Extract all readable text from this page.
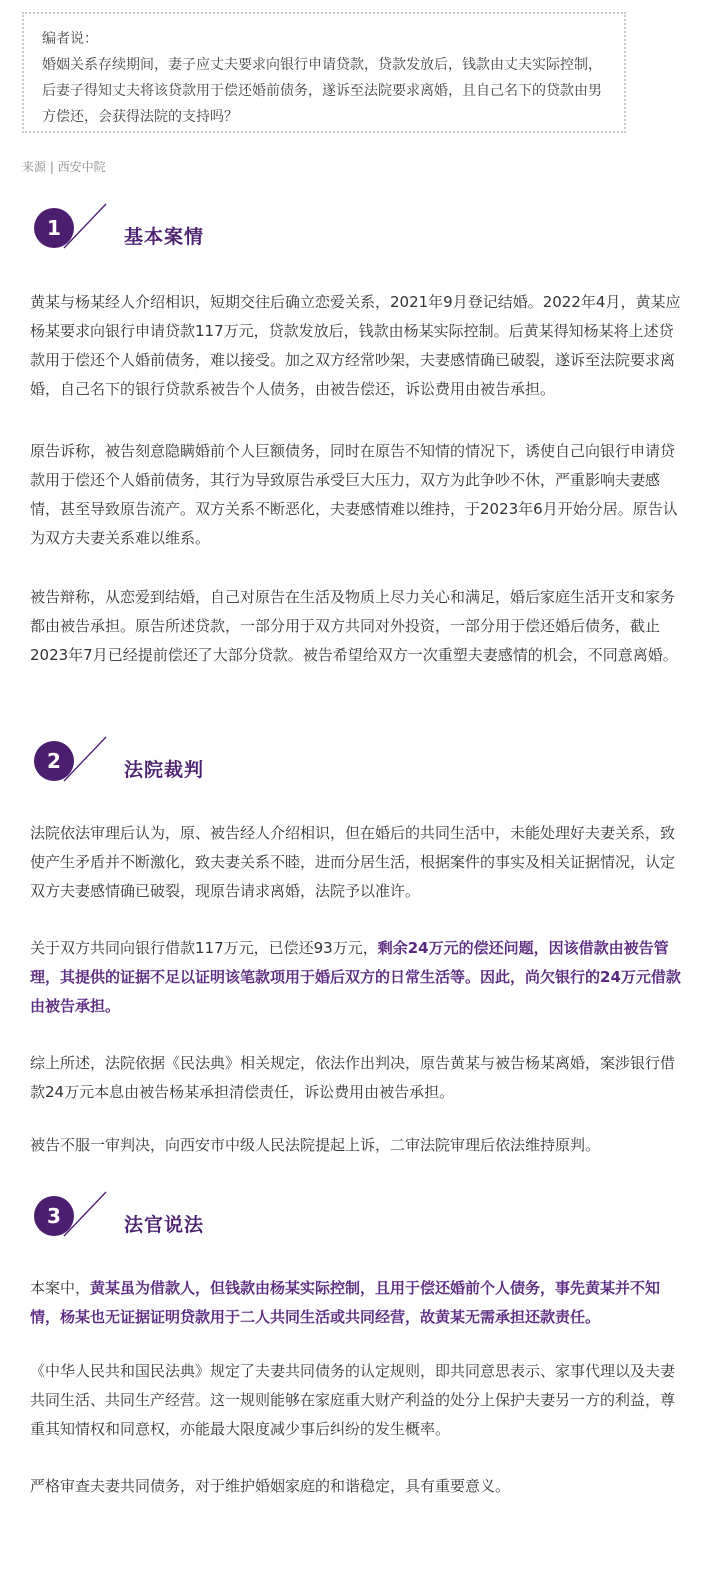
编者说：

婚姻关系存续期间，妻子应丈夫要求向银行申请贷款，贷款发放后，钱款由丈夫实际控制，后妻子得知丈夫将该贷款用于偿还婚前债务，遂诉至法院要求离婚，且自己名下的贷款由男方偿还，会获得法院的支持吗？

来源 | 西安中院
1	基本案情

黄某与杨某经人介绍相识，短期交往后确立恋爱关系，2021年9月登记结婚。2022年4月，黄某应杨某要求向银行申请贷款117万元，贷款发放后，钱款由杨某实际控制。后黄某得知杨某将上述贷款用于偿还个人婚前债务，难以接受。加之双方经常吵架，夫妻感情确已破裂，遂诉至法院要求离婚，自己名下的银行贷款系被告个人债务，由被告偿还，诉讼费用由被告承担。

原告诉称，被告刻意隐瞒婚前个人巨额债务，同时在原告不知情的情况下，诱使自己向银行申请贷款用于偿还个人婚前债务，其行为导致原告承受巨大压力，双方为此争吵不休，严重影响夫妻感情，甚至导致原告流产。双方关系不断恶化，夫妻感情难以维持，于2023年6月开始分居。原告认为双方夫妻关系难以维系。

被告辩称，从恋爱到结婚，自己对原告在生活及物质上尽力关心和满足，婚后家庭生活开支和家务都由被告承担。原告所述贷款，一部分用于双方共同对外投资，一部分用于偿还婚后债务，截止2023年7月已经提前偿还了大部分贷款。被告希望给双方一次重塑夫妻感情的机会，不同意离婚。

2	法院裁判

法院依法审理后认为，原、被告经人介绍相识，但在婚后的共同生活中，未能处理好夫妻关系，致使产生矛盾并不断激化，致夫妻关系不睦，进而分居生活，根据案件的事实及相关证据情况，认定双方夫妻感情确已破裂，现原告请求离婚，法院予以准许。

关于双方共同向银行借款117万元，已偿还93万元，剩余24万元的偿还问题，因该借款由被告管理，其提供的证据不足以证明该笔款项用于婚后双方的日常生活等。因此，尚欠银行的24万元借款由被告承担。

综上所述，法院依据《民法典》相关规定，依法作出判决，原告黄某与被告杨某离婚，案涉银行借款24万元本息由被告杨某承担清偿责任，诉讼费用由被告承担。

被告不服一审判决，向西安市中级人民法院提起上诉，二审法院审理后依法维持原判。

3	法官说法

本案中，黄某虽为借款人，但钱款由杨某实际控制，且用于偿还婚前个人债务，事先黄某并不知情，杨某也无证据证明贷款用于二人共同生活或共同经营，故黄某无需承担还款责任。

《中华人民共和国民法典》规定了夫妻共同债务的认定规则，即共同意思表示、家事代理以及夫妻共同生活、共同生产经营。这一规则能够在家庭重大财产利益的处分上保护夫妻另一方的利益，尊重其知情权和同意权，亦能最大限度减少事后纠纷的发生概率。

严格审查夫妻共同债务，对于维护婚姻家庭的和谐稳定，具有重要意义。
